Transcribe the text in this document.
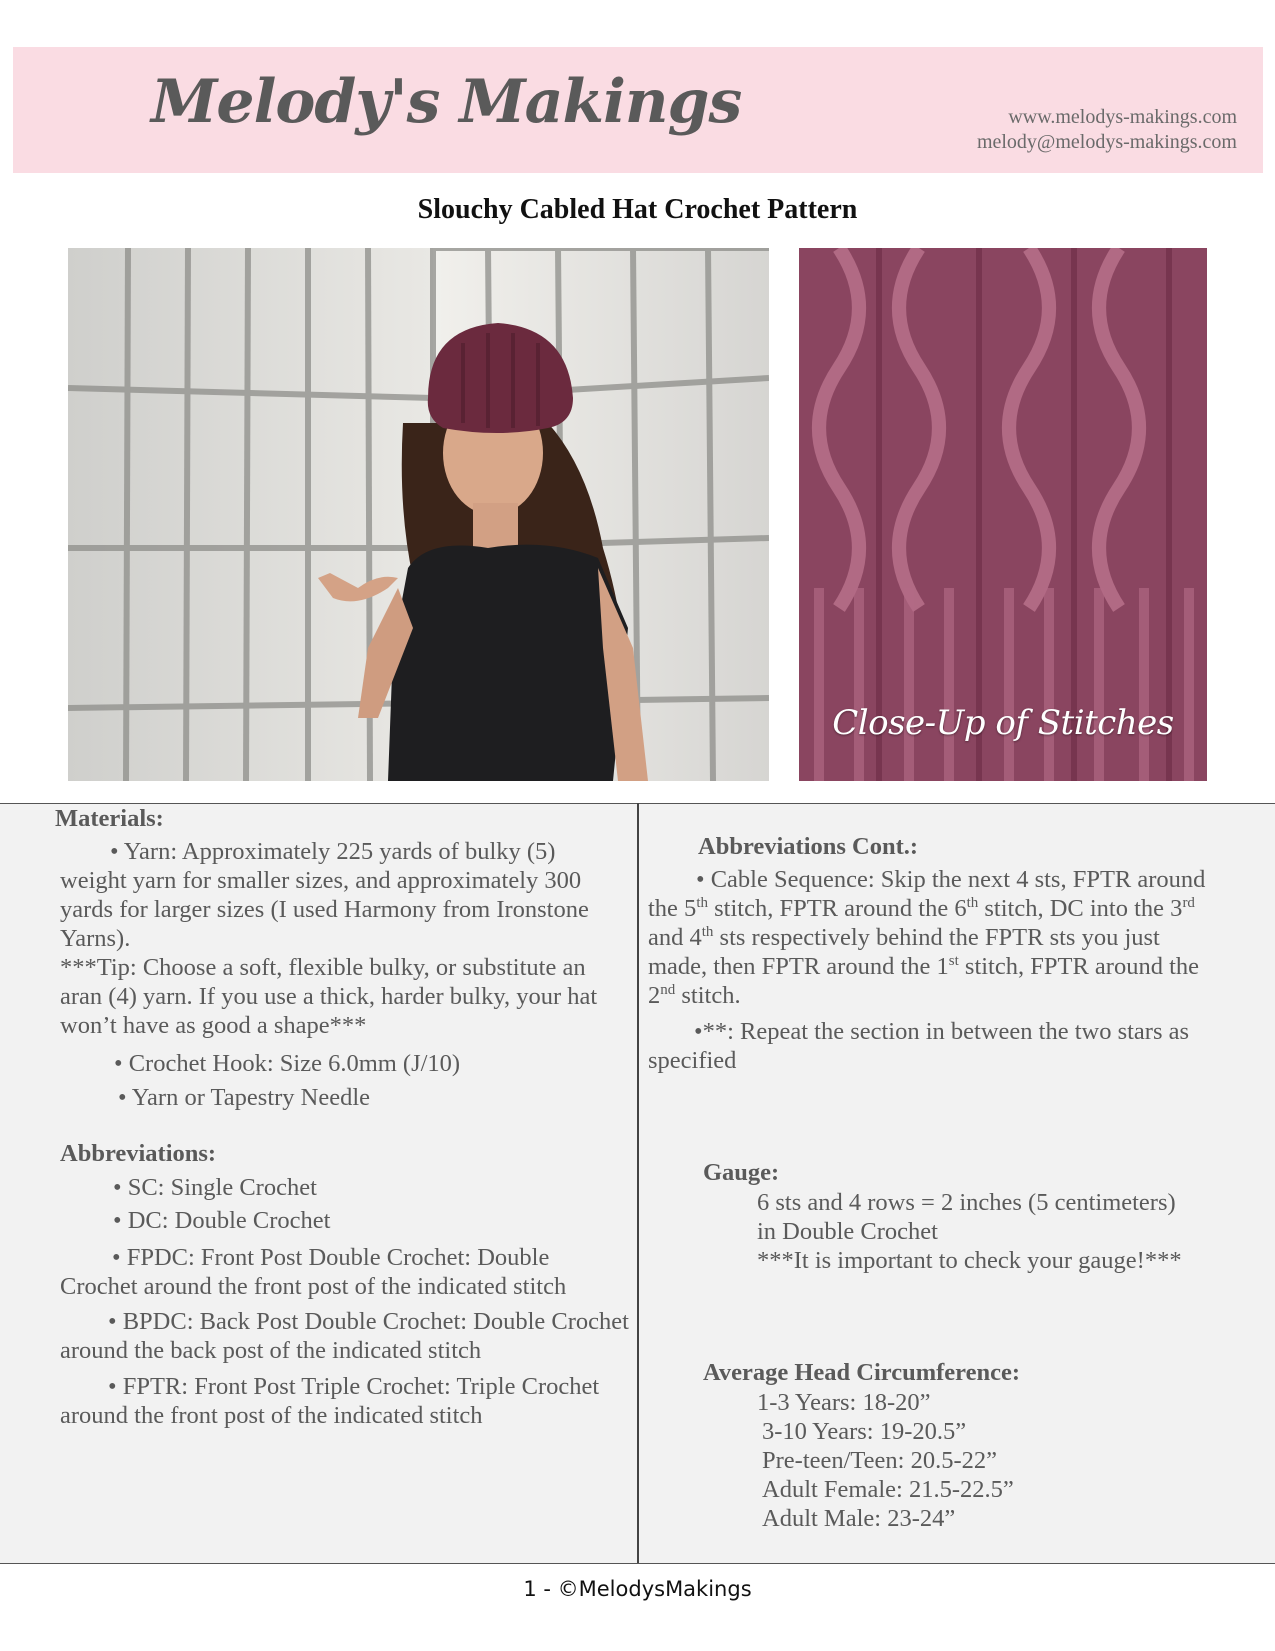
Melody's Makings	www.melodys-makings.com
melody@melodys-makings.com
Slouchy Cabled Hat Crochet Pattern
Close-Up of Stitches

Materials:

• Yarn: Approximately 225 yards of bulky (5) weight yarn for smaller sizes, and approximately 300 yards for larger sizes (I used Harmony from Ironstone Yarns).
***Tip: Choose a soft, flexible bulky, or substitute an aran (4) yarn. If you use a thick, harder bulky, your hat won’t have as good a shape***
• Crochet Hook: Size 6.0mm (J/10)
• Yarn or Tapestry Needle

Abbreviations:

• SC: Single Crochet
• DC: Double Crochet
• FPDC: Front Post Double Crochet: Double Crochet around the front post of the indicated stitch
• BPDC: Back Post Double Crochet: Double Crochet around the back post of the indicated stitch
• FPTR: Front Post Triple Crochet: Triple Crochet around the front post of the indicated stitch

Abbreviations Cont.:

• Cable Sequence: Skip the next 4 sts, FPTR around the 5th stitch, FPTR around the 6th stitch, DC into the 3rd and 4th sts respectively behind the FPTR sts you just made, then FPTR around the 1st stitch, FPTR around the 2nd stitch.
•**: Repeat the section in between the two stars as specified

Gauge:

6 sts and 4 rows = 2 inches (5 centimeters)
in Double Crochet
***It is important to check your gauge!***

Average Head Circumference:

1-3 Years: 18-20”
3-10 Years: 19-20.5”
Pre-teen/Teen: 20.5-22”
Adult Female: 21.5-22.5”
Adult Male: 23-24”
1 - ©MelodysMakings
